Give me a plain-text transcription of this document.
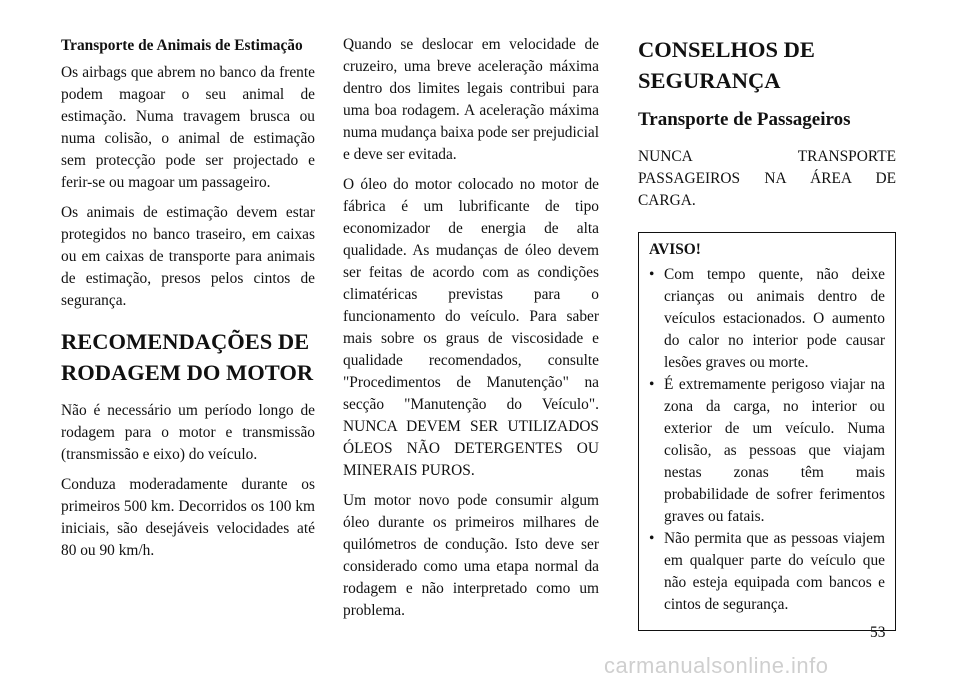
Transporte de Animais de Estimação

Os airbags que abrem no banco da frente podem magoar o seu animal de estimação. Numa travagem brusca ou numa colisão, o animal de estimação sem protecção pode ser projectado e ferir-se ou magoar um passageiro.

Os animais de estimação devem estar protegidos no banco traseiro, em caixas ou em caixas de transporte para animais de estimação, presos pelos cintos de segurança.

RECOMENDAÇÕES DE RODAGEM DO MOTOR

Não é necessário um período longo de rodagem para o motor e transmissão (transmissão e eixo) do veículo.

Conduza moderadamente durante os primeiros 500 km. Decorridos os 100 km iniciais, são desejáveis velocidades até 80 ou 90 km/h.

Quando se deslocar em velocidade de cruzeiro, uma breve aceleração máxima dentro dos limites legais contribui para uma boa rodagem. A aceleração máxima numa mudança baixa pode ser prejudicial e deve ser evitada.

O óleo do motor colocado no motor de fábrica é um lubrificante de tipo economizador de energia de alta qualidade. As mudanças de óleo devem ser feitas de acordo com as condições climatéricas previstas para o funcionamento do veículo. Para saber mais sobre os graus de viscosidade e qualidade recomendados, consulte "Procedimentos de Manutenção" na secção "Manutenção do Veículo". NUNCA DEVEM SER UTILIZADOS ÓLEOS NÃO DETERGENTES OU MINERAIS PUROS.

Um motor novo pode consumir algum óleo durante os primeiros milhares de quilómetros de condução. Isto deve ser considerado como uma etapa normal da rodagem e não interpretado como um problema.

CONSELHOS DE SEGURANÇA
Transporte de Passageiros

NUNCA TRANSPORTE PASSAGEIROS NA ÁREA DE CARGA.

AVISO!
• Com tempo quente, não deixe crianças ou animais dentro de veículos estacionados. O aumento do calor no interior pode causar lesões graves ou morte.
• É extremamente perigoso viajar na zona da carga, no interior ou exterior de um veículo. Numa colisão, as pessoas que viajam nestas zonas têm mais probabilidade de sofrer ferimentos graves ou fatais.
• Não permita que as pessoas viajem em qualquer parte do veículo que não esteja equipada com bancos e cintos de segurança.
53
carmanualsonline.info
